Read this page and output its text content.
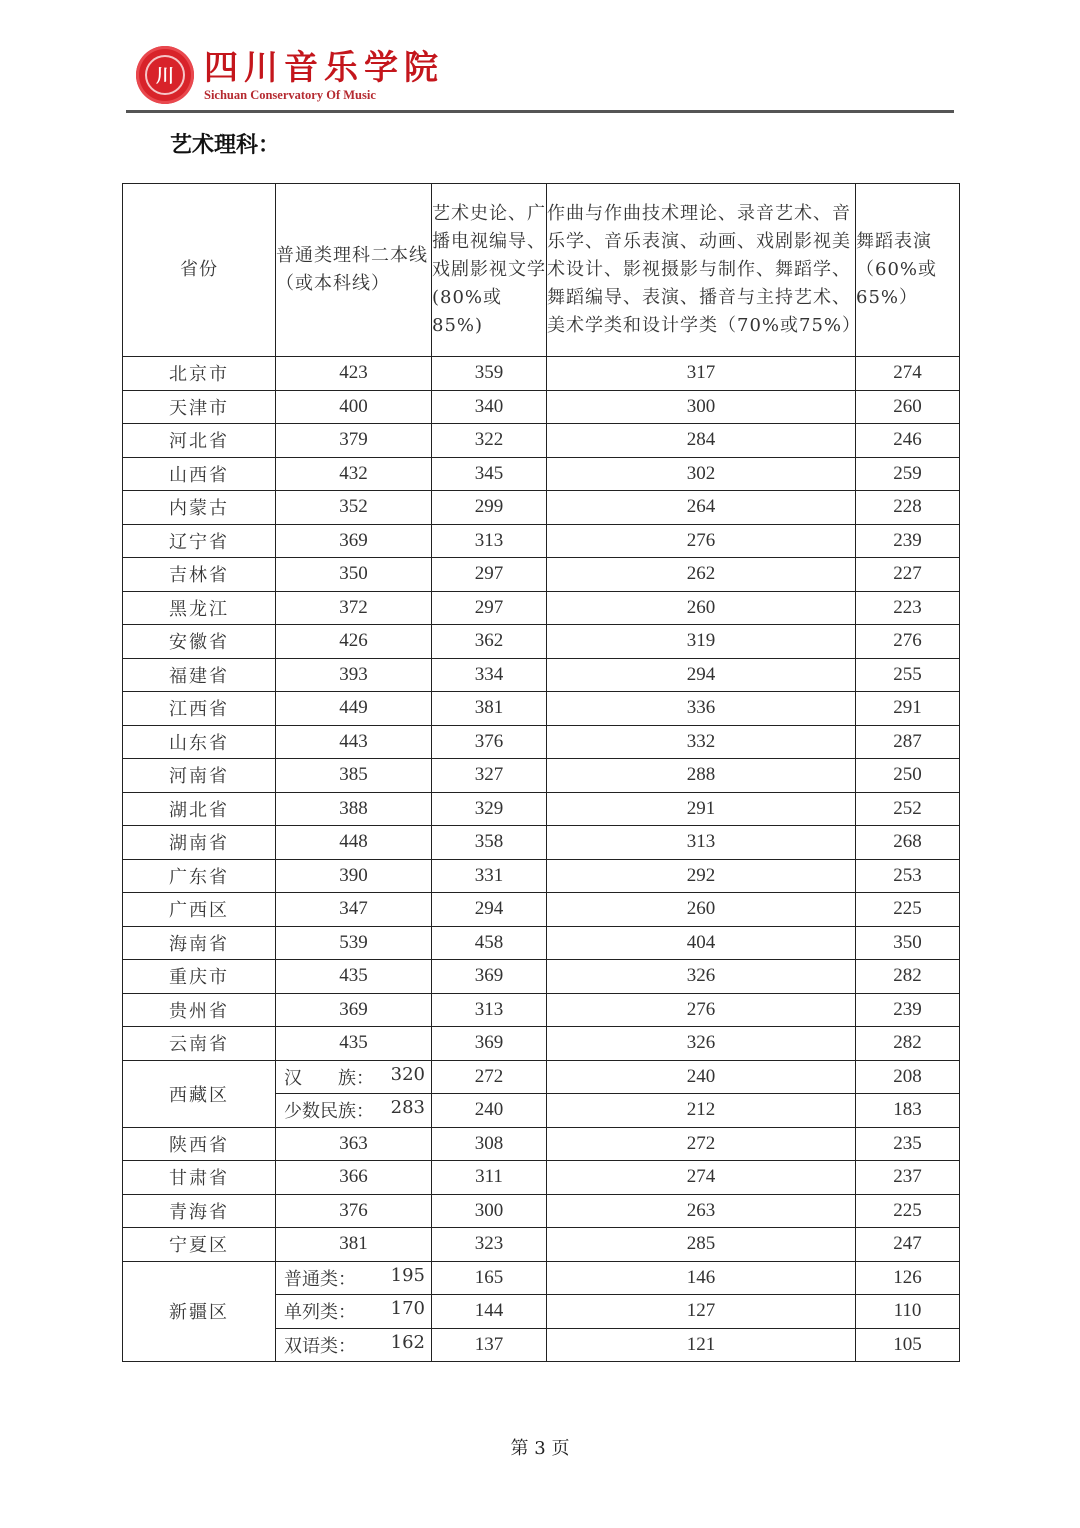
川 四川音乐学院
Sichuan Conservatory Of Music
艺术理科：
省份	普通类理科二本线（或本科线）	艺术史论、广播电视编导、戏剧影视文学(80%或85%)	作曲与作曲技术理论、录音艺术、音乐学、音乐表演、动画、戏剧影视美术设计、影视摄影与制作、舞蹈学、舞蹈编导、表演、播音与主持艺术、美术学类和设计学类（70%或75%）	舞蹈表演（60%或65%）
北京市	423	359	317	274
天津市	400	340	300	260
河北省	379	322	284	246
山西省	432	345	302	259
内蒙古	352	299	264	228
辽宁省	369	313	276	239
吉林省	350	297	262	227
黑龙江	372	297	260	223
安徽省	426	362	319	276
福建省	393	334	294	255
江西省	449	381	336	291
山东省	443	376	332	287
河南省	385	327	288	250
湖北省	388	329	291	252
湖南省	448	358	313	268
广东省	390	331	292	253
广西区	347	294	260	225
海南省	539	458	404	350
重庆市	435	369	326	282
贵州省	369	313	276	239
云南省	435	369	326	282
西藏区	汉　　族： 320	272	240	208

	少数民族： 283	240	212	183
陕西省	363	308	272	235
甘肃省	366	311	274	237
青海省	376	300	263	225
宁夏区	381	323	285	247
新疆区	普通类： 195	165	146	126

	单列类： 170	144	127	110

	双语类： 162	137	121	105
第 3 页
